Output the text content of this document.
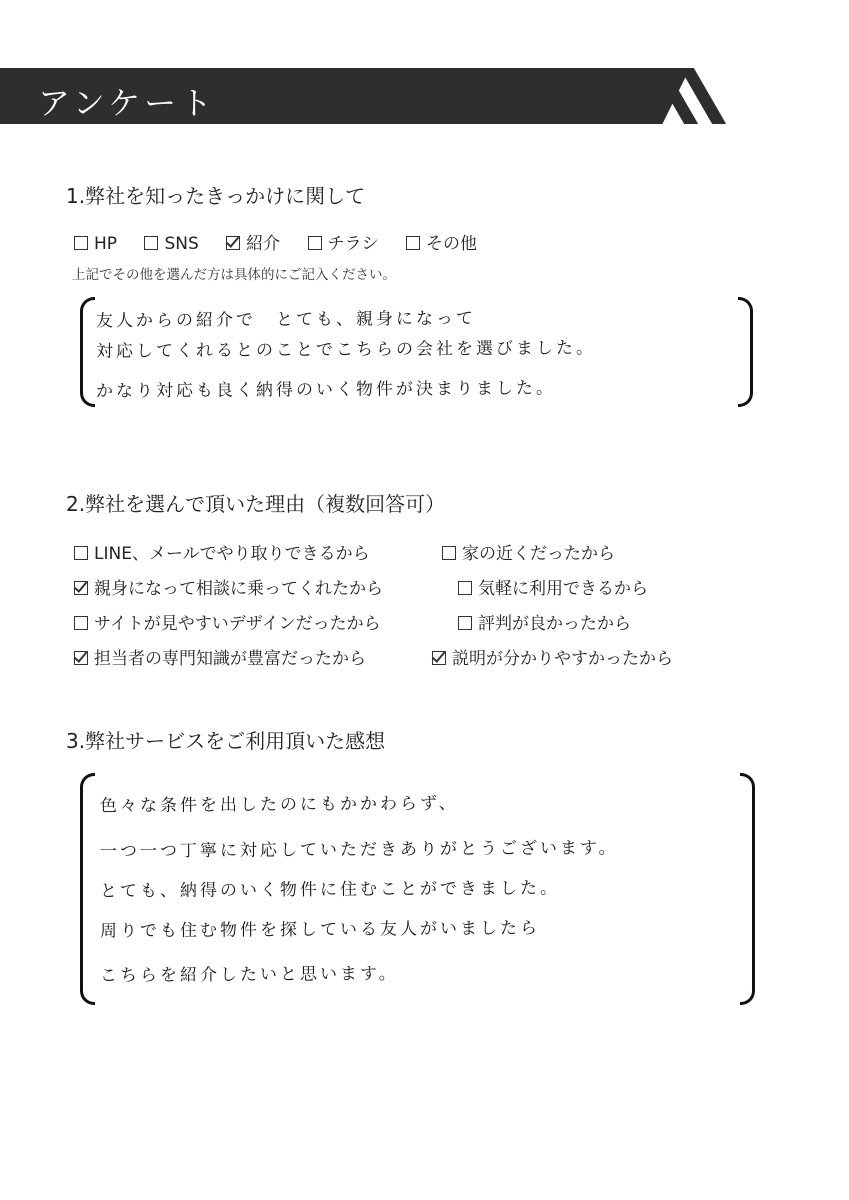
アンケート
1.弊社を知ったきっかけに関して
HP	SNS	紹介	チラシ	その他
上記でその他を選んだ方は具体的にご記入ください。
友人からの紹介で　とても、親身になって
対応してくれるとのことでこちらの会社を選びました。
かなり対応も良く納得のいく物件が決まりました。
2.弊社を選んで頂いた理由（複数回答可）
LINE、メールでやり取りできるから	家の近くだったから
親身になって相談に乗ってくれたから	気軽に利用できるから
サイトが見やすいデザインだったから	評判が良かったから
担当者の専門知識が豊富だったから	説明が分かりやすかったから
3.弊社サービスをご利用頂いた感想
色々な条件を出したのにもかかわらず、
一つ一つ丁寧に対応していただきありがとうございます。
とても、納得のいく物件に住むことができました。
周りでも住む物件を探している友人がいましたら
こちらを紹介したいと思います。
